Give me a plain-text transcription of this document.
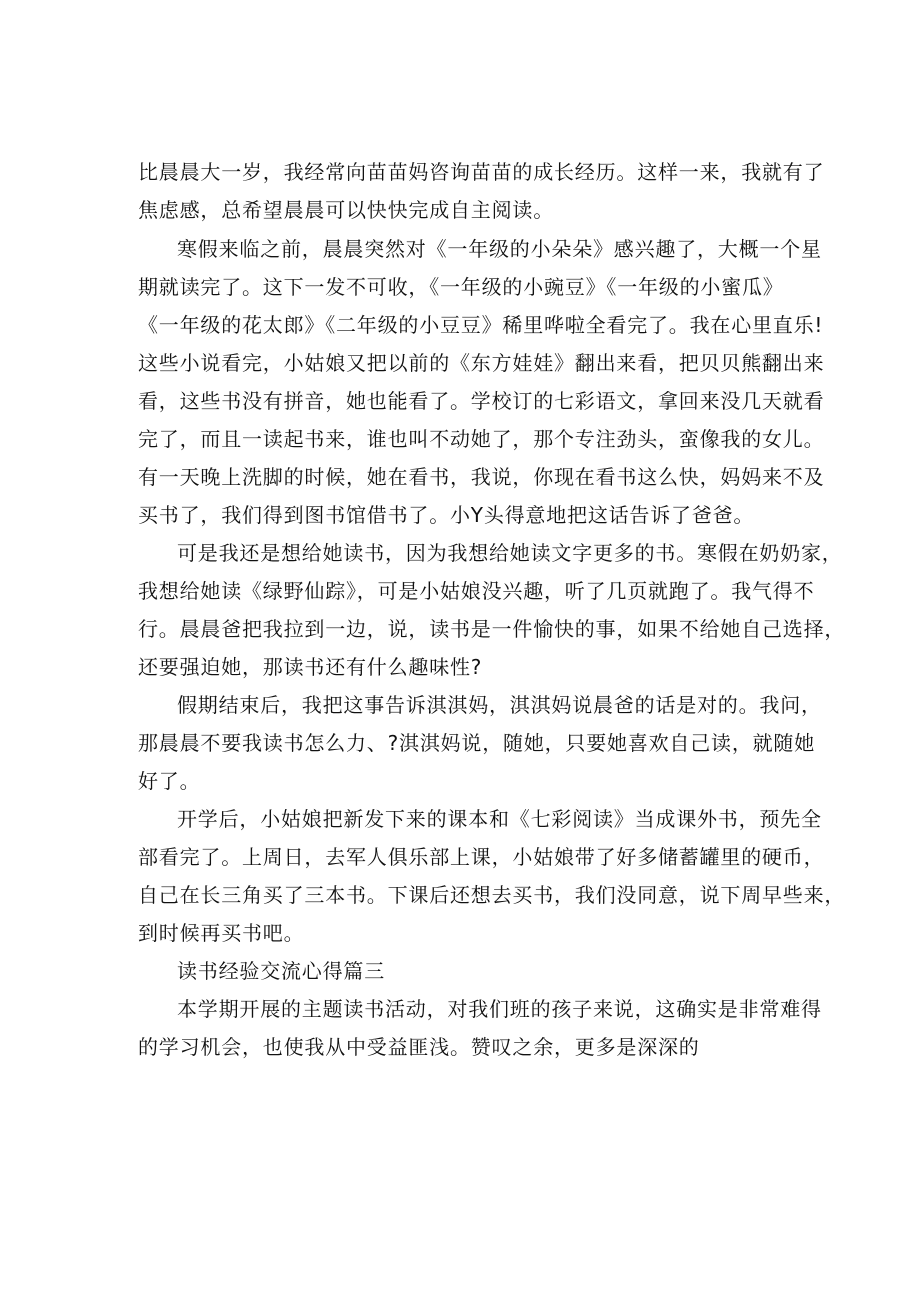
比晨晨大一岁，我经常向苗苗妈咨询苗苗的成长经历。这样一来，我就有了
焦虑感，总希望晨晨可以快快完成自主阅读。
寒假来临之前，晨晨突然对《一年级的小朵朵》感兴趣了，大概一个星
期就读完了。这下一发不可收，《一年级的小豌豆》《一年级的小蜜瓜》
《一年级的花太郎》《二年级的小豆豆》稀里哗啦全看完了。我在心里直乐!
这些小说看完，小姑娘又把以前的《东方娃娃》翻出来看，把贝贝熊翻出来
看，这些书没有拼音，她也能看了。学校订的七彩语文，拿回来没几天就看
完了，而且一读起书来，谁也叫不动她了，那个专注劲头，蛮像我的女儿。
有一天晚上洗脚的时候，她在看书，我说，你现在看书这么快，妈妈来不及
买书了，我们得到图书馆借书了。小Y头得意地把这话告诉了爸爸。
可是我还是想给她读书，因为我想给她读文字更多的书。寒假在奶奶家，
我想给她读《绿野仙踪》，可是小姑娘没兴趣，听了几页就跑了。我气得不
行。晨晨爸把我拉到一边，说，读书是一件愉快的事，如果不给她自己选择，
还要强迫她，那读书还有什么趣味性?
假期结束后，我把这事告诉淇淇妈，淇淇妈说晨爸的话是对的。我问，
那晨晨不要我读书怎么力、?淇淇妈说，随她，只要她喜欢自己读，就随她
好了。
开学后，小姑娘把新发下来的课本和《七彩阅读》当成课外书，预先全
部看完了。上周日，去军人俱乐部上课，小姑娘带了好多储蓄罐里的硬币，
自己在长三角买了三本书。下课后还想去买书，我们没同意，说下周早些来，
到时候再买书吧。
读书经验交流心得篇三
本学期开展的主题读书活动，对我们班的孩子来说，这确实是非常难得
的学习机会，也使我从中受益匪浅。赞叹之余，更多是深深的
